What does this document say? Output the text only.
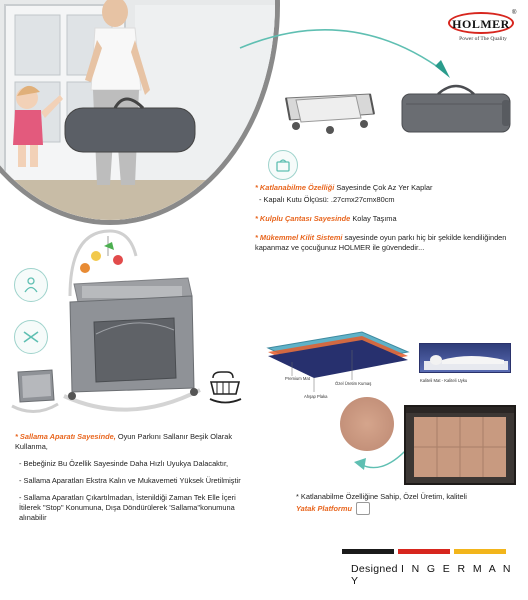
HOLMER
®
Power of The Quality
* Katlanabilme Özelliği Sayesinde Çok Az Yer Kaplar
- Kapalı Kutu Ölçüsü: .27cmx27cmx80cm
* Kulplu Çantası Sayesinde Kolay Taşıma
* Mükemmel Kilit Sistemi sayesinde oyun parkı hiç bir şekilde kendiliğinden kapanmaz ve çocuğunuz HOLMER ile güvendedir...

* Sallama Aparatı Sayesinde, Oyun Parkını Sallanır Beşik Olarak Kullanma,

- Bebeğiniz Bu Özellik Sayesinde Daha Hızlı Uyukya Dalacaktır,

- Sallama Aparatları Ekstra Kalın ve Mukavemeti Yüksek Üretilmiştir

- Sallama Aparatları Çıkartılmadan, İstenildiği Zaman Tek Elle İçeri İtilerek ''Stop'' Konumuna, Dışa Döndürülerek 'Sallama''konumuna alınabilir

Premium Mat
Özel Üretim Kumaş
Ahşap Plaka
Kaliteli Mat - Kaliteli Uyku
* Katlanabilme Özelliğine Sahip, Özel Üretim, kaliteli
Yatak Platformu
Designed I N G E R M A N Y
